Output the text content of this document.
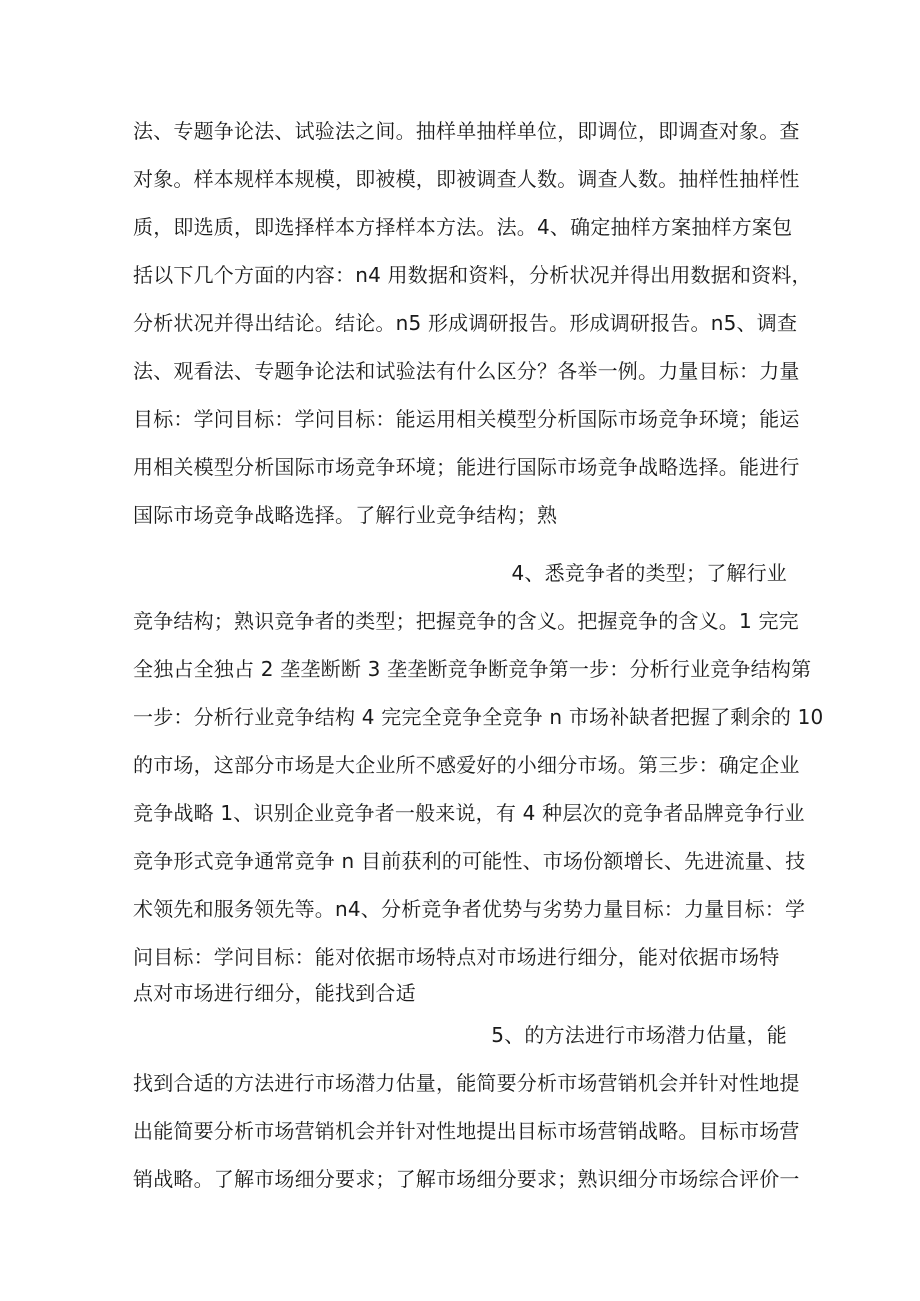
法、专题争论法、试验法之间。抽样单抽样单位，即调位，即调查对象。查
对象。样本规样本规模，即被模，即被调查人数。调查人数。抽样性抽样性
质，即选质，即选择样本方择样本方法。法。4、确定抽样方案抽样方案包
括以下几个方面的内容：n4 用数据和资料，分析状况并得出用数据和资料，
分析状况并得出结论。结论。n5 形成调研报告。形成调研报告。n5、调查
法、观看法、专题争论法和试验法有什么区分？各举一例。力量目标：力量
目标：学问目标：学问目标：能运用相关模型分析国际市场竞争环境；能运
用相关模型分析国际市场竞争环境；能进行国际市场竞争战略选择。能进行
国际市场竞争战略选择。了解行业竞争结构；熟
4、悉竞争者的类型；了解行业
竞争结构；熟识竞争者的类型；把握竞争的含义。把握竞争的含义。1 完完
全独占全独占 2 垄垄断断 3 垄垄断竞争断竞争第一步：分析行业竞争结构第
一步：分析行业竞争结构 4 完完全竞争全竞争 n 市场补缺者把握了剩余的 10
的市场，这部分市场是大企业所不感爱好的小细分市场。第三步：确定企业
竞争战略 1、识别企业竞争者一般来说，有 4 种层次的竞争者品牌竞争行业
竞争形式竞争通常竞争 n 目前获利的可能性、市场份额增长、先进流量、技
术领先和服务领先等。n4、分析竞争者优势与劣势力量目标：力量目标：学
问目标：学问目标：能对依据市场特点对市场进行细分，能对依据市场特
点对市场进行细分，能找到合适
5、的方法进行市场潜力估量，能
找到合适的方法进行市场潜力估量，能简要分析市场营销机会并针对性地提
出能简要分析市场营销机会并针对性地提出目标市场营销战略。目标市场营
销战略。了解市场细分要求；了解市场细分要求；熟识细分市场综合评价一
